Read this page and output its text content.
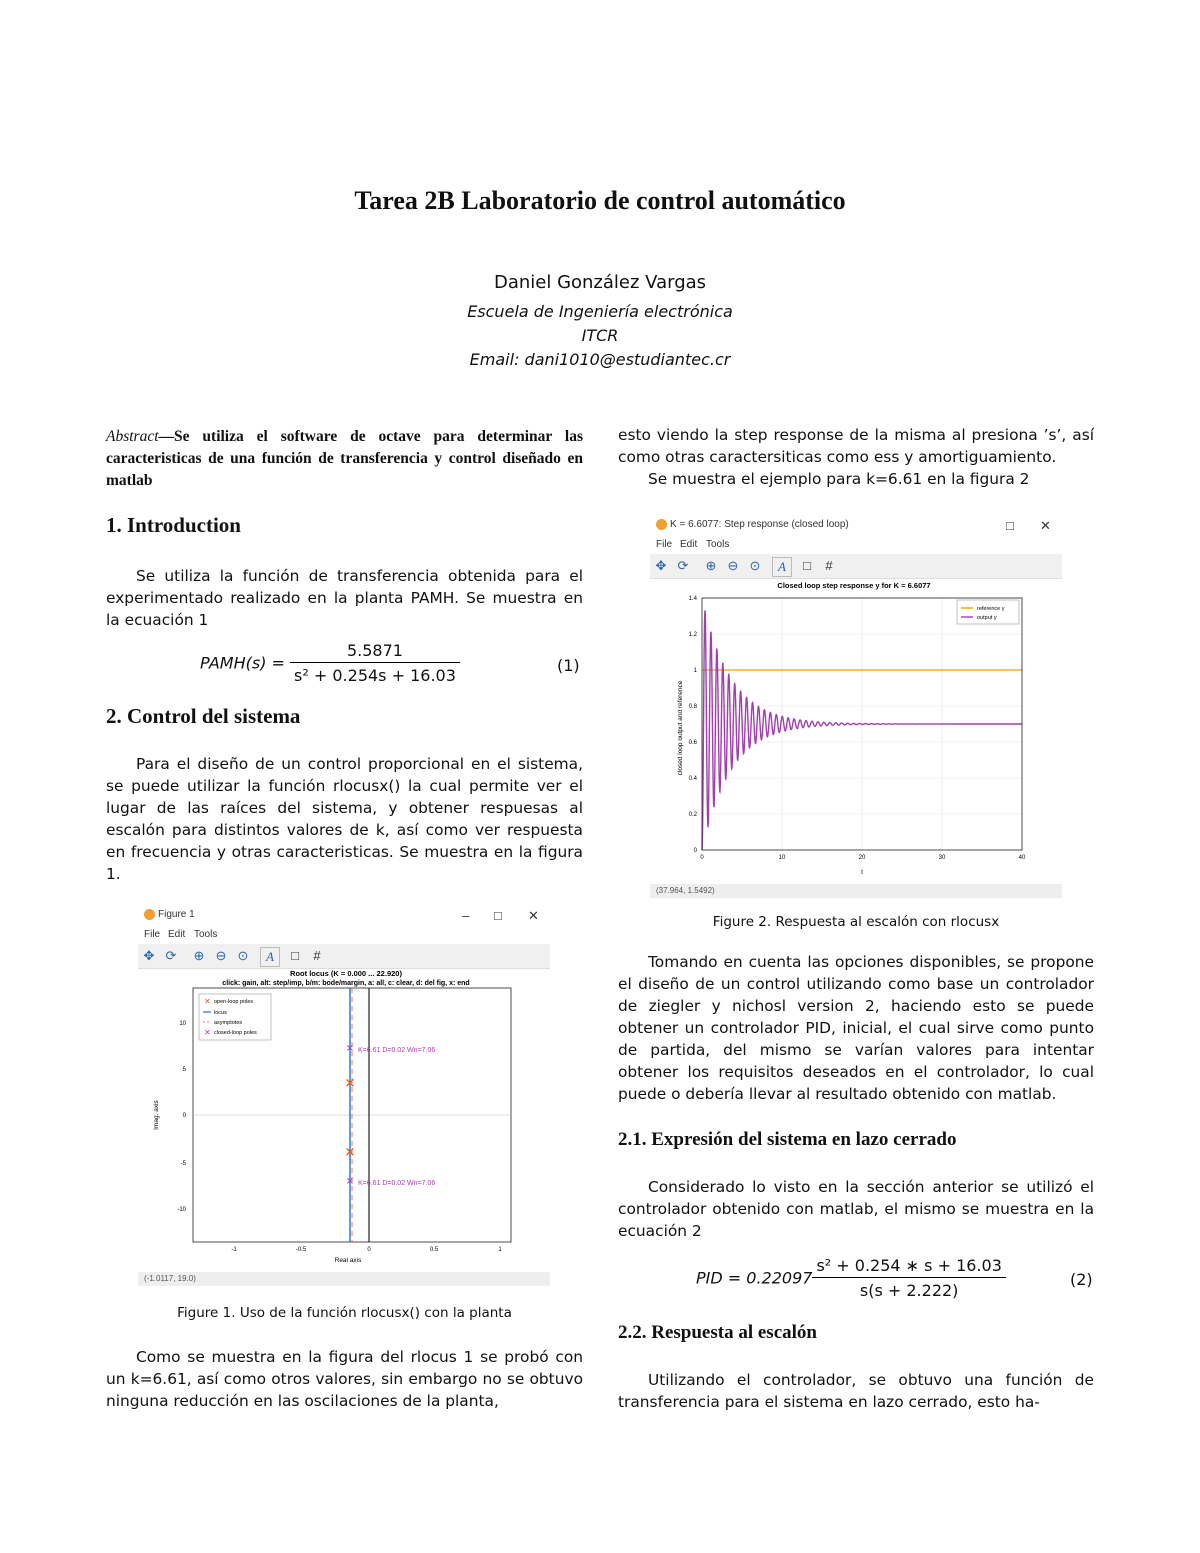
Tarea 2B Laboratorio de control automático
Daniel González Vargas
Escuela de Ingeniería electrónica
ITCR
Email: dani1010@estudiantec.cr

Abstract—Se utiliza el software de octave para determinar las caracteristicas de una función de transferencia y control diseñado en matlab

1. Introduction

Se utiliza la función de transferencia obtenida para el experimentado realizado en la planta PAMH. Se muestra en la ecuación 1

PAMH(s) = $\frac{5.5871}{\text{s² + 0.254s + 16.03}}$	(1)
2. Control del sistema

Para el diseño de un control proporcional en el sistema, se puede utilizar la función rlocusx() la cual permite ver el lugar de las raíces del sistema, y obtener respuesas al escalón para distintos valores de k, así como ver respuesta en frecuencia y otras caracteristicas. Se muestra en la figura 1.

Figure 1	– □ ✕
File Edit Tools
✥ ⟳ ⊕ ⊖ ⊙	A	□	#
Root locus (K = 0.000 ... 22.920)
click: gain, alt: step/imp, b/m: bode/margin, a: all, c: clear, d: del fig, x: end
✕
✕
✕
✕
K=6.61 D=0.02 Wn=7.06
K=6.61 D=0.02 Wn=7.06
✕ open-loop poles
locus
asymptotes
✕ closed-loop poles
10
5
0
-5
-10
-1	-0.5	0	0.5	1
Real axis
Imag. axis
(-1.0117, 19.0)
Figure 1. Uso de la función rlocusx() con la planta

Como se muestra en la figura del rlocus 1 se probó con un k=6.61, así como otros valores, sin embargo no se obtuvo ninguna reducción en las oscilaciones de la planta,

esto viendo la step response de la misma al presiona ’s’, así como otras caractersiticas como ess y amortiguamiento.

Se muestra el ejemplo para k=6.61 en la figura 2

K = 6.6077: Step response (closed loop)	□ ✕
File Edit Tools
✥ ⟳ ⊕ ⊖ ⊙	A	□	#
Closed loop step response y for K = 6.6077
0	10	20	30	40
0
0.2
0.4
0.6
0.8
1
1.2
1.4
reference y
output y
t
closed loop output and reference
(37.964, 1.5492)
Figure 2. Respuesta al escalón con rlocusx

Tomando en cuenta las opciones disponibles, se propone el diseño de un control utilizando como base un controlador de ziegler y nichosl version 2, haciendo esto se puede obtener un controlador PID, inicial, el cual sirve como punto de partida, del mismo se varían valores para intentar obtener los requisitos deseados en el controlador, lo cual puede o debería llevar al resultado obtenido con matlab.

2.1. Expresión del sistema en lazo cerrado

Considerado lo visto en la sección anterior se utilizó el controlador obtenido con matlab, el mismo se muestra en la ecuación 2

PID = $0.22097 \frac{\text{s² + 0.254 ∗ s + 16.03}}{s(s + 2.222)}$	(2)
2.2. Respuesta al escalón

Utilizando el controlador, se obtuvo una función de transferencia para el sistema en lazo cerrado, esto ha-
